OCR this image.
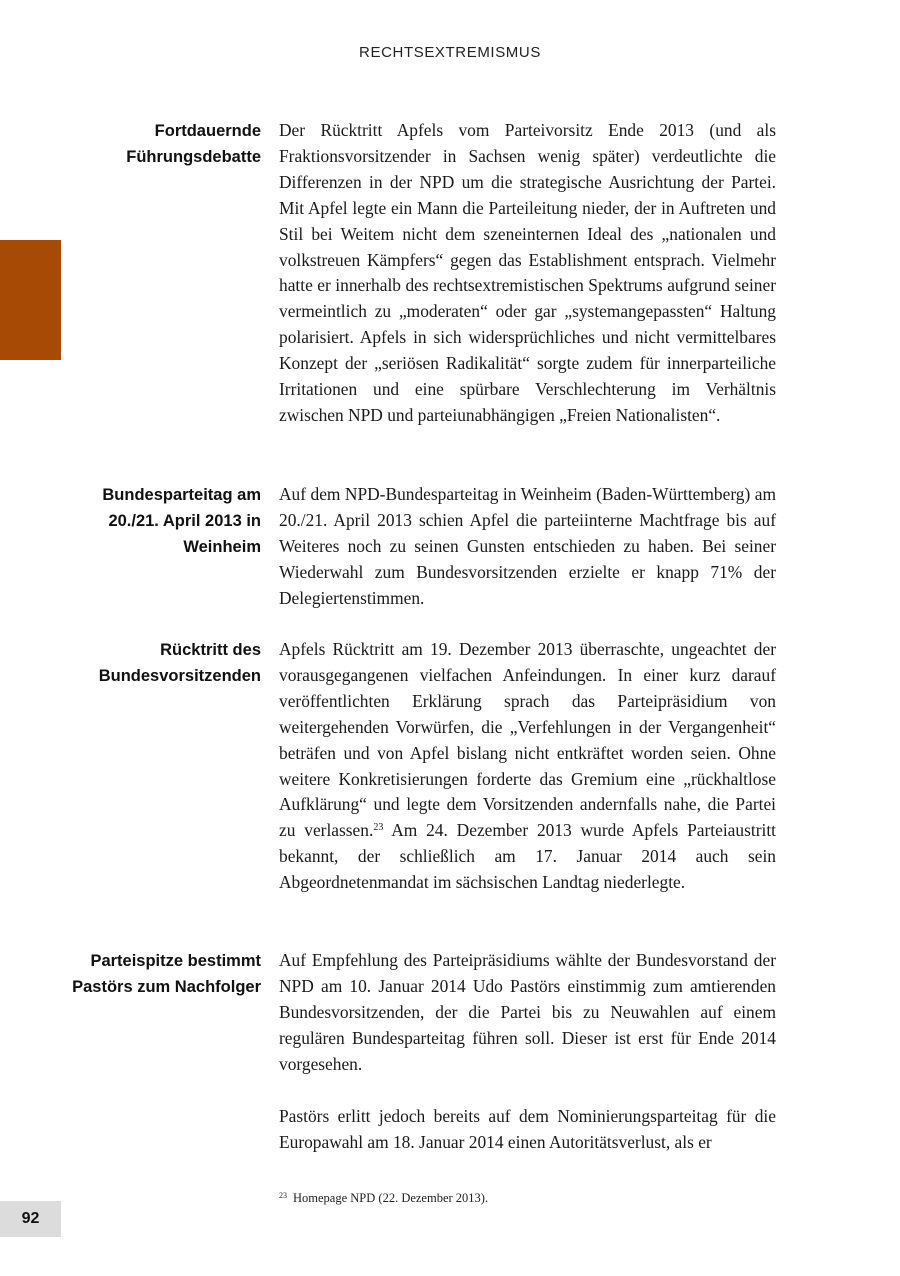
RECHTSEXTREMISMUS
Fortdauernde Führungsdebatte

Der Rücktritt Apfels vom Parteivorsitz Ende 2013 (und als Fraktionsvorsitzender in Sachsen wenig später) verdeutlichte die Differenzen in der NPD um die strategische Ausrichtung der Partei. Mit Apfel legte ein Mann die Parteileitung nieder, der in Auftreten und Stil bei Weitem nicht dem szeneinternen Ideal des „nationalen und volkstreuen Kämpfers“ gegen das Establishment entsprach. Vielmehr hatte er innerhalb des rechtsextremistischen Spektrums aufgrund seiner vermeintlich zu „moderaten“ oder gar „systemangepassten“ Haltung polarisiert. Apfels in sich widersprüchliches und nicht vermittelbares Konzept der „seriösen Radikalität“ sorgte zudem für innerparteiliche Irritationen und eine spürbare Verschlechterung im Verhältnis zwischen NPD und parteiunabhängigen „Freien Nationalisten“.

Bundesparteitag am 20./21. April 2013 in Weinheim

Auf dem NPD-Bundesparteitag in Weinheim (Baden-Württemberg) am 20./21. April 2013 schien Apfel die parteiinterne Machtfrage bis auf Weiteres noch zu seinen Gunsten entschieden zu haben. Bei seiner Wiederwahl zum Bundesvorsitzenden erzielte er knapp 71% der Delegiertenstimmen.

Rücktritt des Bundesvorsitzenden

Apfels Rücktritt am 19. Dezember 2013 überraschte, ungeachtet der vorausgegangenen vielfachen Anfeindungen. In einer kurz darauf veröffentlichten Erklärung sprach das Parteipräsidium von weitergehenden Vorwürfen, die „Verfehlungen in der Vergangenheit“ beträfen und von Apfel bislang nicht entkräftet worden seien. Ohne weitere Konkretisierungen forderte das Gremium eine „rückhaltlose Aufklärung“ und legte dem Vorsitzenden andernfalls nahe, die Partei zu verlassen.$^{23}$ Am 24. Dezember 2013 wurde Apfels Parteiaustritt bekannt, der schließlich am 17. Januar 2014 auch sein Abgeordnetenmandat im sächsischen Landtag niederlegte.

Parteispitze bestimmt Pastörs zum Nachfolger

Auf Empfehlung des Parteipräsidiums wählte der Bundesvorstand der NPD am 10. Januar 2014 Udo Pastörs einstimmig zum amtierenden Bundesvorsitzenden, der die Partei bis zu Neuwahlen auf einem regulären Bundesparteitag führen soll. Dieser ist erst für Ende 2014 vorgesehen.

Pastörs erlitt jedoch bereits auf dem Nominierungsparteitag für die Europawahl am 18. Januar 2014 einen Autoritätsverlust, als er

$^{23}$ Homepage NPD (22. Dezember 2013).
92
